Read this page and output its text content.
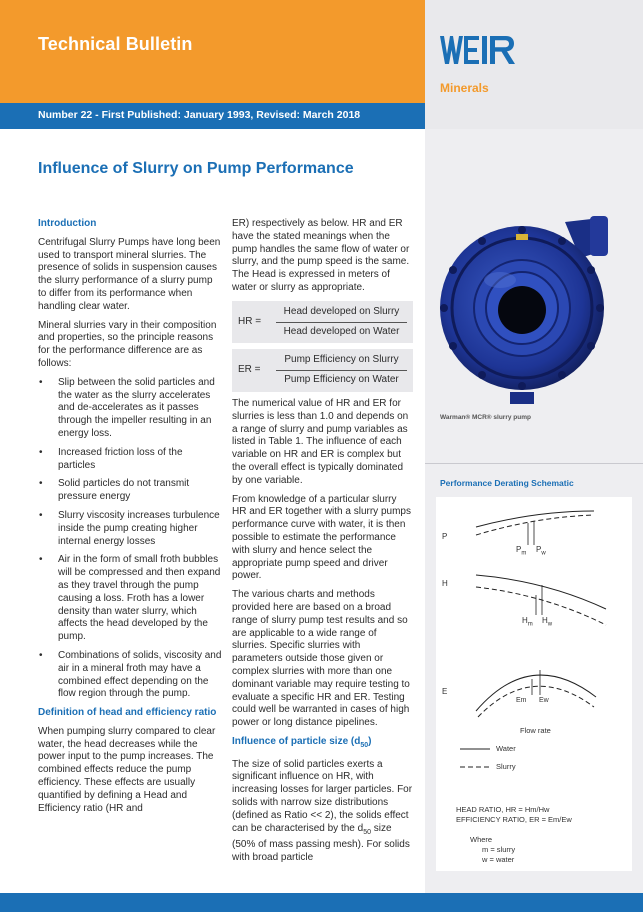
Technical Bulletin
Minerals
Number 22 - First Published: January 1993, Revised: March 2018
Influence of Slurry on Pump Performance

Introduction

Centrifugal Slurry Pumps have long been used to transport mineral slurries. The presence of solids in suspension causes the slurry performance of a slurry pump to differ from its performance when handling clear water.

Mineral slurries vary in their composition and properties, so the principle reasons for the performance difference are as follows:

• Slip between the solid particles and the water as the slurry accelerates and de-accelerates as it passes through the impeller resulting in an energy loss.
• Increased friction loss of the particles
• Solid particles do not transmit pressure energy
• Slurry viscosity increases turbulence inside the pump creating higher internal energy losses
• Air in the form of small froth bubbles will be compressed and then expand as they travel through the pump causing a loss. Froth has a lower density than water slurry, which affects the head developed by the pump.
• Combinations of solids, viscosity and air in a mineral froth may have a combined effect depending on the flow region through the pump.

Definition of head and efficiency ratio

When pumping slurry compared to clear water, the head decreases while the power input to the pump increases. The combined effects reduce the pump efficiency. These effects are usually quantified by defining a Head and Efficiency ratio (HR and

ER) respectively as below. HR and ER have the stated meanings when the pump handles the same flow of water or slurry, and the pump speed is the same. The Head is expressed in meters of water or slurry as appropriate.

HR =	$\frac{\text{Head developed on Slurry}}{\text{Head developed on Water}}$
ER =	$\frac{\text{Pump Efficiency on Slurry}}{\text{Pump Efficiency on Water}}$

The numerical value of HR and ER for slurries is less than 1.0 and depends on a range of slurry and pump variables as listed in Table 1. The influence of each variable on HR and ER is complex but the overall effect is typically dominated by one variable.

From knowledge of a particular slurry HR and ER together with a slurry pumps performance curve with water, it is then possible to estimate the performance with slurry and hence select the appropriate pump speed and driver power.

The various charts and methods provided here are based on a broad range of slurry pump test results and so are applicable to a wide range of slurries. Specific slurries with parameters outside those given or complex slurries with more than one dominant variable may require testing to evaluate a specific HR and ER. Testing could well be warranted in cases of high power or long distance pipelines.

Influence of particle size $(d_{50})$

The size of solid particles exerts a significant influence on HR, with increasing losses for larger particles. For solids with narrow size distributions (defined as Ratio << 2), the solids effect can be characterised by the $d_{50}$ size (50% of mass passing mesh). For solids with broad particle

Warman® MCR® slurry pump
Performance Derating Schematic
P
H
E
$P_m$ $P_w$
$H_m$ $H_w$
Em Ew
Flow rate
Water
Slurry
HEAD RATIO, HR = Hm/Hw
EFFICIENCY RATIO, ER = Em/Ew
Where
m = slurry
w = water
